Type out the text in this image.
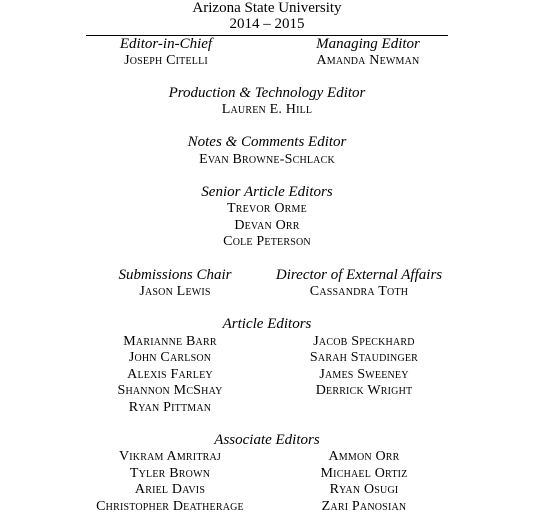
Arizona State University
2014 – 2015
Editor-in-Chief
Joseph Citelli
Managing Editor
Amanda Newman
Production & Technology Editor
Lauren E. Hill
Notes & Comments Editor
Evan Browne-Schlack
Senior Article Editors
Trevor Orme
Devan Orr
Cole Peterson
Submissions Chair
Jason Lewis
Director of External Affairs
Cassandra Toth
Article Editors
Marianne Barr
John Carlson
Alexis Farley
Shannon McShay
Ryan Pittman
Jacob Speckhard
Sarah Staudinger
James Sweeney
Derrick Wright
Associate Editors
Vikram Amritraj
Tyler Brown
Ariel Davis
Christopher Deatherage
Ammon Orr
Michael Ortiz
Ryan Osugi
Zari Panosian
